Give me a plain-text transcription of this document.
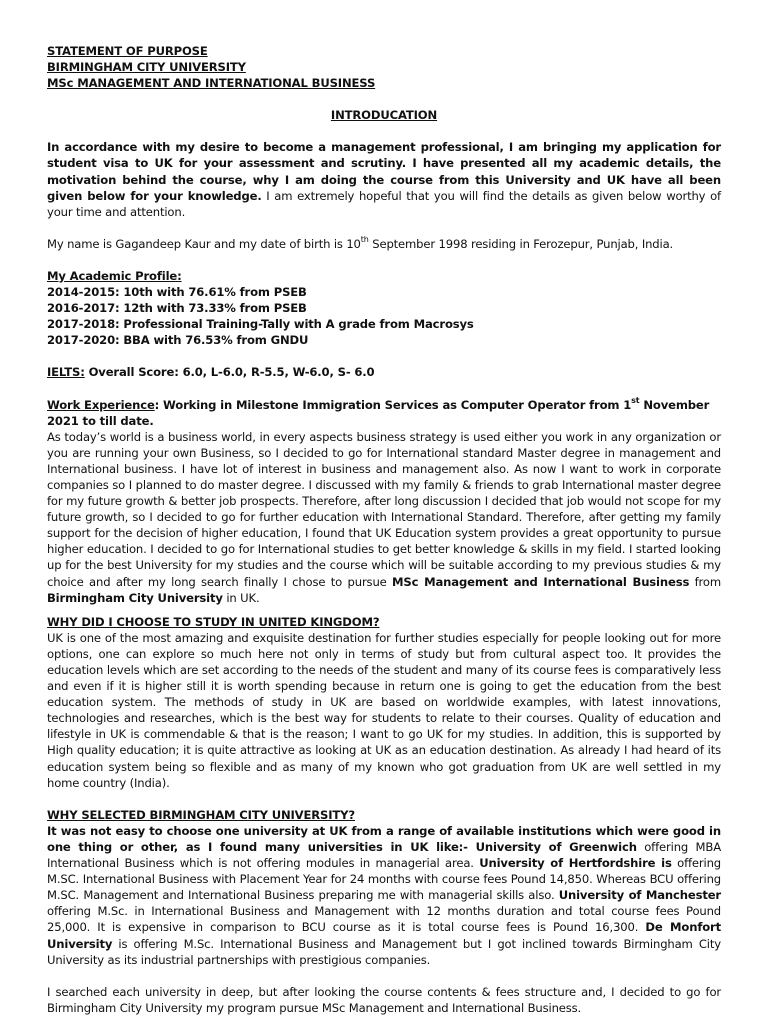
STATEMENT OF PURPOSE

BIRMINGHAM CITY UNIVERSITY

MSc MANAGEMENT AND INTERNATIONAL BUSINESS

INTRODUCATION

In accordance with my desire to become a management professional, I am bringing my application for student visa to UK for your assessment and scrutiny. I have presented all my academic details, the motivation behind the course, why I am doing the course from this University and UK have all been given below for your knowledge. I am extremely hopeful that you will find the details as given below worthy of your time and attention.

My name is Gagandeep Kaur and my date of birth is 10th September 1998 residing in Ferozepur, Punjab, India.

My Academic Profile:

2014-2015: 10th with 76.61% from PSEB

2016-2017: 12th with 73.33% from PSEB

2017-2018: Professional Training-Tally with A grade from Macrosys

2017-2020: BBA with 76.53% from GNDU

IELTS: Overall Score: 6.0, L-6.0, R-5.5, W-6.0, S- 6.0

Work Experience: Working in Milestone Immigration Services as Computer Operator from 1st November 2021 to till date.

As today’s world is a business world, in every aspects business strategy is used either you work in any organization or you are running your own Business, so I decided to go for International standard Master degree in management and International business. I have lot of interest in business and management also. As now I want to work in corporate companies so I planned to do master degree. I discussed with my family & friends to grab International master degree for my future growth & better job prospects. Therefore, after long discussion I decided that job would not scope for my future growth, so I decided to go for further education with International Standard. Therefore, after getting my family support for the decision of higher education, I found that UK Education system provides a great opportunity to pursue higher education. I decided to go for International studies to get better knowledge & skills in my field. I started looking up for the best University for my studies and the course which will be suitable according to my previous studies & my choice and after my long search finally I chose to pursue MSc Management and International Business from Birmingham City University in UK.

WHY DID I CHOOSE TO STUDY IN UNITED KINGDOM?

UK is one of the most amazing and exquisite destination for further studies especially for people looking out for more options, one can explore so much here not only in terms of study but from cultural aspect too. It provides the education levels which are set according to the needs of the student and many of its course fees is comparatively less and even if it is higher still it is worth spending because in return one is going to get the education from the best education system. The methods of study in UK are based on worldwide examples, with latest innovations, technologies and researches, which is the best way for students to relate to their courses. Quality of education and lifestyle in UK is commendable & that is the reason; I want to go UK for my studies. In addition, this is supported by High quality education; it is quite attractive as looking at UK as an education destination. As already I had heard of its education system being so flexible and as many of my known who got graduation from UK are well settled in my home country (India).

WHY SELECTED BIRMINGHAM CITY UNIVERSITY?

It was not easy to choose one university at UK from a range of available institutions which were good in one thing or other, as I found many universities in UK like:- University of Greenwich offering MBA International Business which is not offering modules in managerial area. University of Hertfordshire is offering M.SC. International Business with Placement Year for 24 months with course fees Pound 14,850. Whereas BCU offering M.SC. Management and International Business preparing me with managerial skills also. University of Manchester offering M.Sc. in International Business and Management with 12 months duration and total course fees Pound 25,000. It is expensive in comparison to BCU course as it is total course fees is Pound 16,300. De Monfort University is offering M.Sc. International Business and Management but I got inclined towards Birmingham City University as its industrial partnerships with prestigious companies.

I searched each university in deep, but after looking the course contents & fees structure and, I decided to go for Birmingham City University my program pursue MSc Management and International Business.
